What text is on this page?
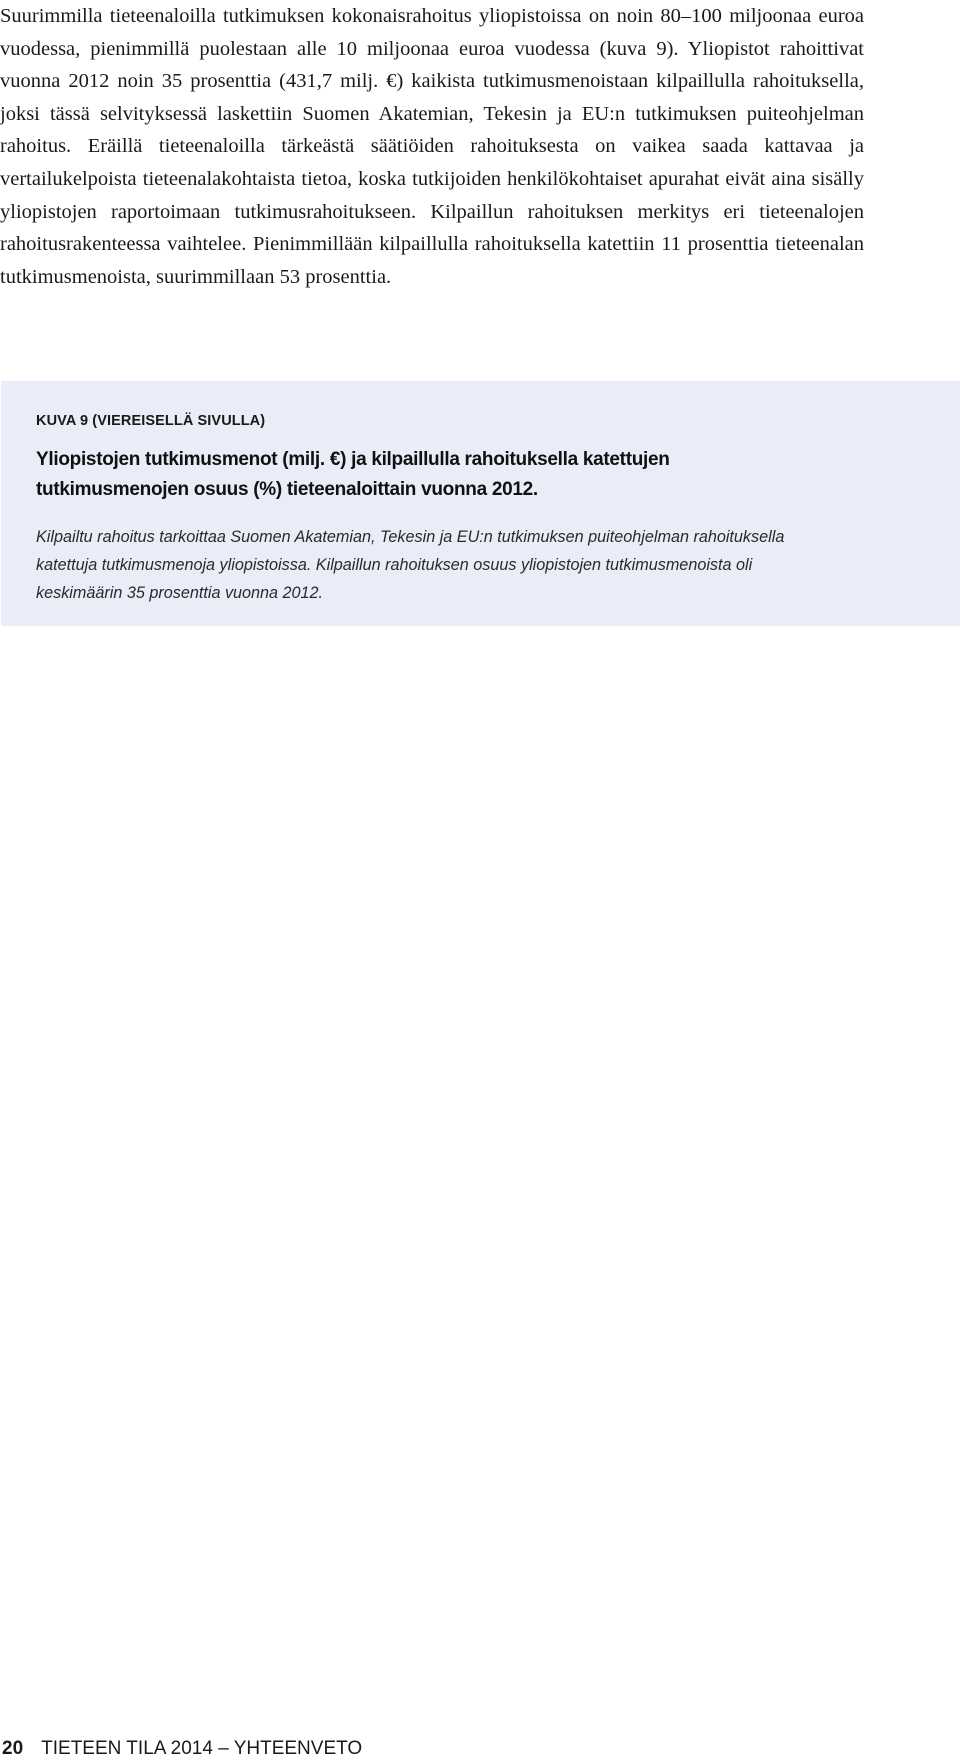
Suurimmilla tieteenaloilla tutkimuksen kokonaisrahoitus yliopistoissa on noin 80–100 miljoonaa euroa vuodessa, pienimmillä puolestaan alle 10 miljoonaa euroa vuodessa (kuva 9). Yliopistot rahoittivat vuonna 2012 noin 35 prosenttia (431,7 milj. €) kaikista tutkimusmenoistaan kilpaillulla rahoituksella, joksi tässä selvityksessä laskettiin Suomen Akatemian, Tekesin ja EU:n tutkimuksen puiteohjelman rahoitus. Eräillä tieteenaloilla tärkeästä säätiöiden rahoituksesta on vaikea saada kattavaa ja vertailukelpoista tieteenalakohtaista tietoa, koska tutkijoiden henkilökohtaiset apurahat eivät aina sisälly yliopistojen raportoimaan tutkimusrahoitukseen. Kilpaillun rahoituksen merkitys eri tieteenalojen rahoitusrakenteessa vaihtelee. Pienimmillään kilpaillulla rahoituksella katettiin 11 prosenttia tieteenalan tutkimusmenoista, suurimmillaan 53 prosenttia.

KUVA 9 (VIEREISELLÄ SIVULLA)
Yliopistojen tutkimusmenot (milj. €) ja kilpaillulla rahoituksella katettujen tutkimusmenojen osuus (%) tieteenaloittain vuonna 2012.

Kilpailtu rahoitus tarkoittaa Suomen Akatemian, Tekesin ja EU:n tutkimuksen puiteohjelman rahoituksella katettuja tutkimusmenoja yliopistoissa. Kilpaillun rahoituksen osuus yliopistojen tutkimusmenoista oli keskimäärin 35 prosenttia vuonna 2012.

20 TIETEEN TILA 2014 – YHTEENVETO
